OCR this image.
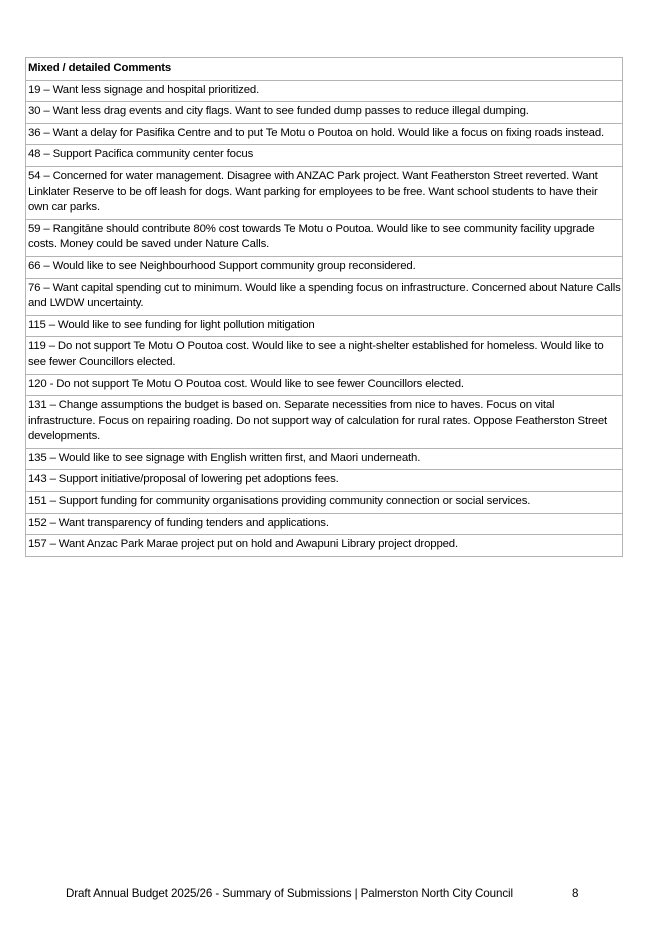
Mixed / detailed Comments
19 – Want less signage and hospital prioritized.
30 – Want less drag events and city flags. Want to see funded dump passes to reduce illegal dumping.
36 – Want a delay for Pasifika Centre and to put Te Motu o Poutoa on hold. Would like a focus on fixing roads instead.
48 – Support Pacifica community center focus
54 – Concerned for water management. Disagree with ANZAC Park project. Want Featherston Street reverted. Want Linklater Reserve to be off leash for dogs. Want parking for employees to be free. Want school students to have their own car parks.
59 – Rangitāne should contribute 80% cost towards Te Motu o Poutoa. Would like to see community facility upgrade costs. Money could be saved under Nature Calls.
66 – Would like to see Neighbourhood Support community group reconsidered.
76 – Want capital spending cut to minimum. Would like a spending focus on infrastructure. Concerned about Nature Calls and LWDW uncertainty.
115 – Would like to see funding for light pollution mitigation
119 – Do not support Te Motu O Poutoa cost. Would like to see a night-shelter established for homeless. Would like to see fewer Councillors elected.
120 - Do not support Te Motu O Poutoa cost. Would like to see fewer Councillors elected.
131 – Change assumptions the budget is based on. Separate necessities from nice to haves. Focus on vital infrastructure. Focus on repairing roading. Do not support way of calculation for rural rates. Oppose Featherston Street developments.
135 – Would like to see signage with English written first, and Maori underneath.
143 – Support initiative/proposal of lowering pet adoptions fees.
151 – Support funding for community organisations providing community connection or social services.
152 – Want transparency of funding tenders and applications.
157 – Want Anzac Park Marae project put on hold and Awapuni Library project dropped.
Draft Annual Budget 2025/26 - Summary of Submissions | Palmerston North City Council	8
